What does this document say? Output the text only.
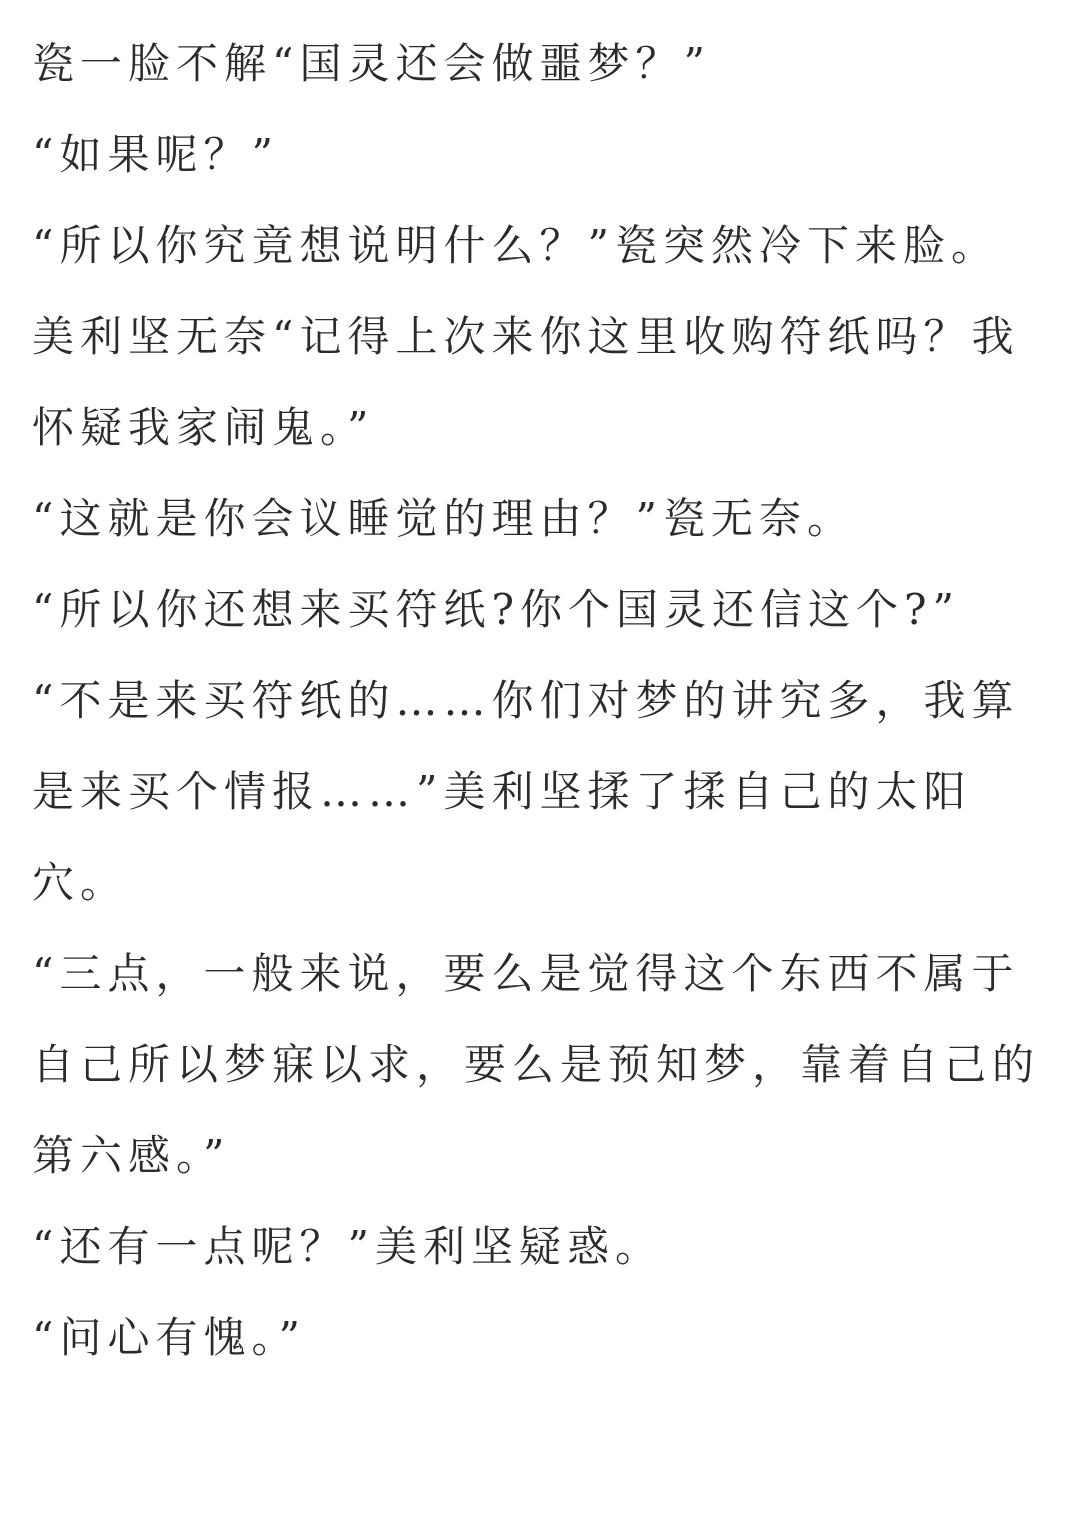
瓷一脸不解“国灵还会做噩梦？”
“如果呢？”
“所以你究竟想说明什么？”瓷突然冷下来脸。
美利坚无奈“记得上次来你这里收购符纸吗？我
怀疑我家闹鬼。”
“这就是你会议睡觉的理由？”瓷无奈。
“所以你还想来买符纸?你个国灵还信这个?”
“不是来买符纸的……你们对梦的讲究多，我算
是来买个情报……”美利坚揉了揉自己的太阳
穴。
“三点，一般来说，要么是觉得这个东西不属于
自己所以梦寐以求，要么是预知梦，靠着自己的
第六感。”
“还有一点呢？”美利坚疑惑。
“问心有愧。”
